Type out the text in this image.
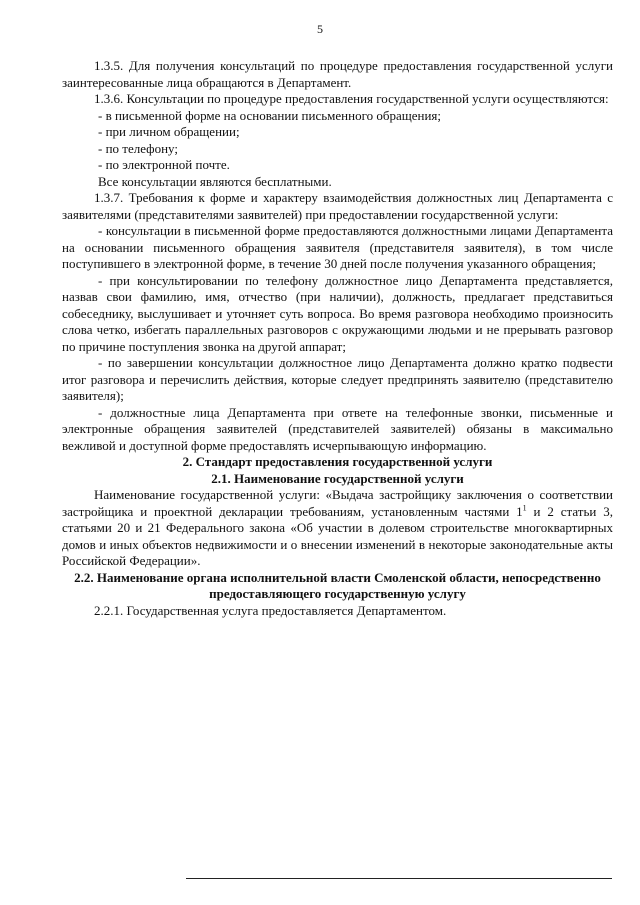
5

1.3.5. Для получения консультаций по процедуре предоставления государственной услуги заинтересованные лица обращаются в Департамент.

1.3.6. Консультации по процедуре предоставления государственной услуги осуществляются:

- в письменной форме на основании письменного обращения;

- при личном обращении;

- по телефону;

- по электронной почте.

Все консультации являются бесплатными.

1.3.7. Требования к форме и характеру взаимодействия должностных лиц Департамента с заявителями (представителями заявителей) при предоставлении государственной услуги:

- консультации в письменной форме предоставляются должностными лицами Департамента на основании письменного обращения заявителя (представителя заявителя), в том числе поступившего в электронной форме, в течение 30 дней после получения указанного обращения;

- при консультировании по телефону должностное лицо Департамента представляется, назвав свои фамилию, имя, отчество (при наличии), должность, предлагает представиться собеседнику, выслушивает и уточняет суть вопроса. Во время разговора необходимо произносить слова четко, избегать параллельных разговоров с окружающими людьми и не прерывать разговор по причине поступления звонка на другой аппарат;

- по завершении консультации должностное лицо Департамента должно кратко подвести итог разговора и перечислить действия, которые следует предпринять заявителю (представителю заявителя);

- должностные лица Департамента при ответе на телефонные звонки, письменные и электронные обращения заявителей (представителей заявителей) обязаны в максимально вежливой и доступной форме предоставлять исчерпывающую информацию.

2. Стандарт предоставления государственной услуги

2.1. Наименование государственной услуги

Наименование государственной услуги: «Выдача застройщику заключения о соответствии застройщика и проектной декларации требованиям, установленным частями $1^1$ и 2 статьи 3, статьями 20 и 21 Федерального закона «Об участии в долевом строительстве многоквартирных домов и иных объектов недвижимости и о внесении изменений в некоторые законодательные акты Российской Федерации».

2.2. Наименование органа исполнительной власти Смоленской области, непосредственно предоставляющего государственную услугу

2.2.1. Государственная услуга предоставляется Департаментом.
